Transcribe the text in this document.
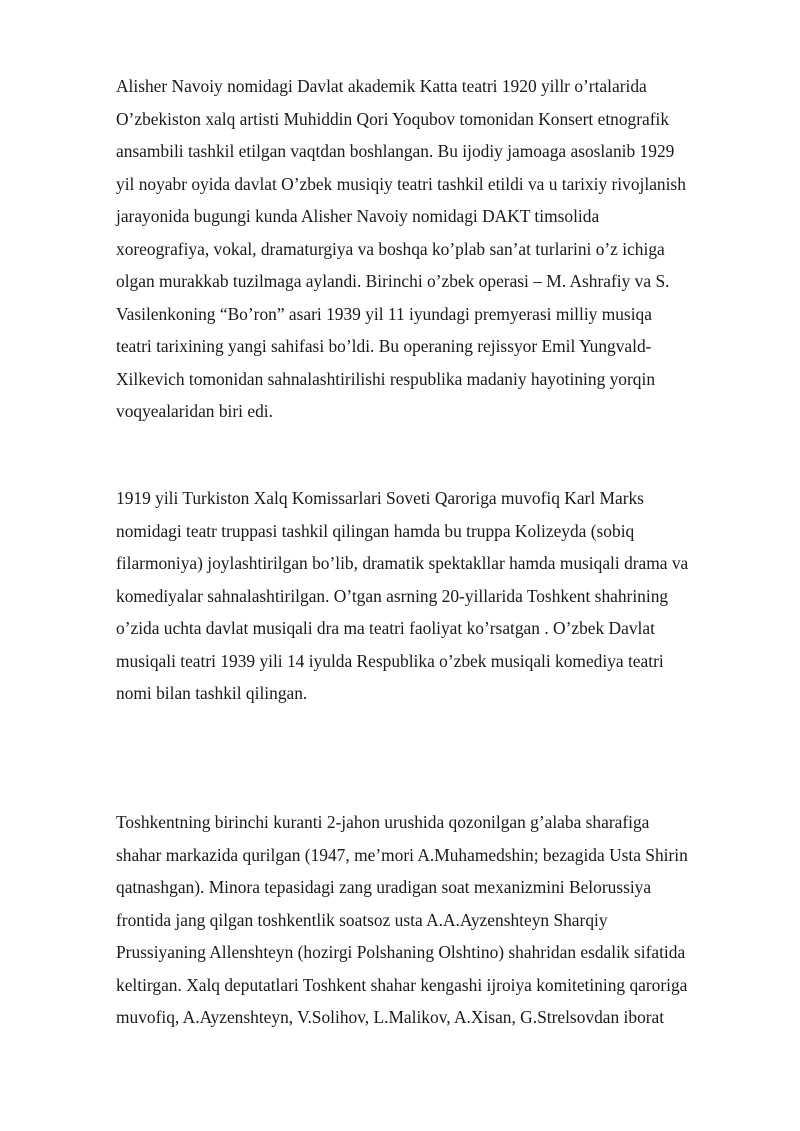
Alisher Navoiy nomidagi Davlat akademik Katta teatri 1920 yillr o’rtalarida
O’zbekiston xalq artisti Muhiddin Qori Yoqubov tomonidan Konsert etnografik
ansambili tashkil etilgan vaqtdan boshlangan. Bu ijodiy jamoaga asoslanib 1929
yil noyabr oyida davlat O’zbek musiqiy teatri tashkil etildi va u tarixiy rivojlanish
jarayonida bugungi kunda Alisher Navoiy nomidagi DAKT timsolida
xoreografiya, vokal, dramaturgiya va boshqa ko’plab san’at turlarini o’z ichiga
olgan murakkab tuzilmaga aylandi. Birinchi o’zbek operasi – M. Ashrafiy va S.
Vasilenkoning “Bo’ron” asari 1939 yil 11 iyundagi premyerasi milliy musiqa
teatri tarixining yangi sahifasi bo’ldi. Bu operaning rejissyor Emil Yungvald-
Xilkevich tomonidan sahnalashtirilishi respublika madaniy hayotining yorqin
voqyealaridan biri edi.

1919 yili Turkiston Xalq Komissarlari Soveti Qaroriga muvofiq Karl Marks
nomidagi teatr truppasi tashkil qilingan hamda bu truppa Kolizeyda (sobiq
filarmoniya) joylashtirilgan bo’lib, dramatik spektakllar hamda musiqali drama va
komediyalar sahnalashtirilgan. O’tgan asrning 20-yillarida Toshkent shahrining
o’zida uchta davlat musiqali dra ma teatri faoliyat ko’rsatgan . O’zbek Davlat
musiqali teatri 1939 yili 14 iyulda Respublika o’zbek musiqali komediya teatri
nomi bilan tashkil qilingan.

Toshkentning birinchi kuranti 2-jahon urushida qozonilgan g’alaba sharafiga
shahar markazida qurilgan (1947, me’mori A.Muhamedshin; bezagida Usta Shirin
qatnashgan). Minora tepasidagi zang uradigan soat mexanizmini Belorussiya
frontida jang qilgan toshkentlik soatsoz usta A.A.Ayzenshteyn Sharqiy
Prussiyaning Allenshteyn (hozirgi Polshaning Olshtino) shahridan esdalik sifatida
keltirgan. Xalq deputatlari Toshkent shahar kengashi ijroiya komitetining qaroriga
muvofiq, A.Ayzenshteyn, V.Solihov, L.Malikov, A.Xisan, G.Strelsovdan iborat
